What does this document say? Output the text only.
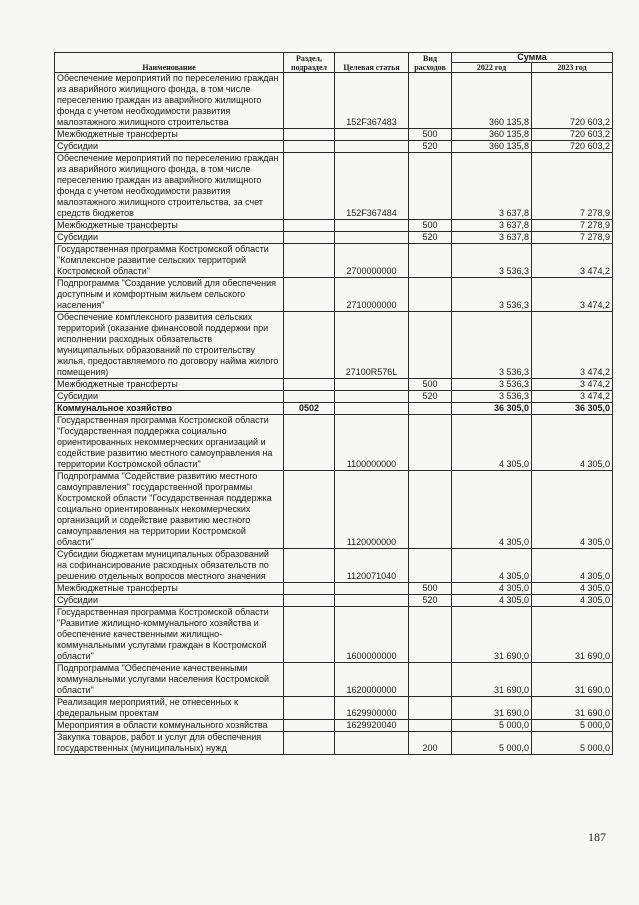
Наименование	Раздел, подраздел	Целевая статья	Вид расходов	Сумма	
				2022 год	2023 год
Обеспечение мероприятий по переселению граждан из аварийного жилищного фонда, в том числе переселению граждан из аварийного жилищного фонда с учетом необходимости развития малоэтажного жилищного строительства		152F367483		360 135,8	720 603,2
Межбюджетные трансферты			500	360 135,8	720 603,2
Субсидии			520	360 135,8	720 603,2
Обеспечение мероприятий по переселению граждан из аварийного жилищного фонда, в том числе переселению граждан из аварийного жилищного фонда с учетом необходимости развития малоэтажного жилищного строительства, за счет средств бюджетов		152F367484		3 637,8	7 278,9
Межбюджетные трансферты			500	3 637,8	7 278,9
Субсидии			520	3 637,8	7 278,9
Государственная программа Костромской области "Комплексное развитие сельских территорий Костромской области"		2700000000		3 536,3	3 474,2
Подпрограмма "Создание условий для обеспечения доступным и комфортным жильем сельского населения"		2710000000		3 536,3	3 474,2
Обеспечение комплексного развития сельских территорий (оказание финансовой поддержки при исполнении расходных обязательств муниципальных образований по строительству жилья, предоставляемого по договору найма жилого помещения)		27100R576L		3 536,3	3 474,2
Межбюджетные трансферты			500	3 536,3	3 474,2
Субсидии			520	3 536,3	3 474,2
Коммунальное хозяйство	0502			36 305,0	36 305,0
Государственная программа Костромской области "Государственная поддержка социально ориентированных некоммерческих организаций и содействие развитию местного самоуправления на территории Костромской области"		1100000000		4 305,0	4 305,0
Подпрограмма "Содействие развитию местного самоуправления" государственной программы Костромской области "Государственная поддержка социально ориентированных некоммерческих организаций и содействие развитию местного самоуправления на территории Костромской области"		1120000000		4 305,0	4 305,0
Субсидии бюджетам муниципальных образований на софинансирование расходных обязательств по решению отдельных вопросов местного значения		1120071040		4 305,0	4 305,0
Межбюджетные трансферты			500	4 305,0	4 305,0
Субсидии			520	4 305,0	4 305,0
Государственная программа Костромской области "Развитие жилищно-коммунального хозяйства и обеспечение качественными жилищно-коммунальными услугами граждан в Костромской области"		1600000000		31 690,0	31 690,0
Подпрограмма "Обеспечение качественными коммунальными услугами населения Костромской области"		1620000000		31 690,0	31 690,0
Реализация мероприятий, не отнесенных к федеральным проектам		1629900000		31 690,0	31 690,0
Мероприятия в области коммунального хозяйства		1629920040		5 000,0	5 000,0
Закупка товаров, работ и услуг для обеспечения государственных (муниципальных) нужд			200	5 000,0	5 000,0
187
